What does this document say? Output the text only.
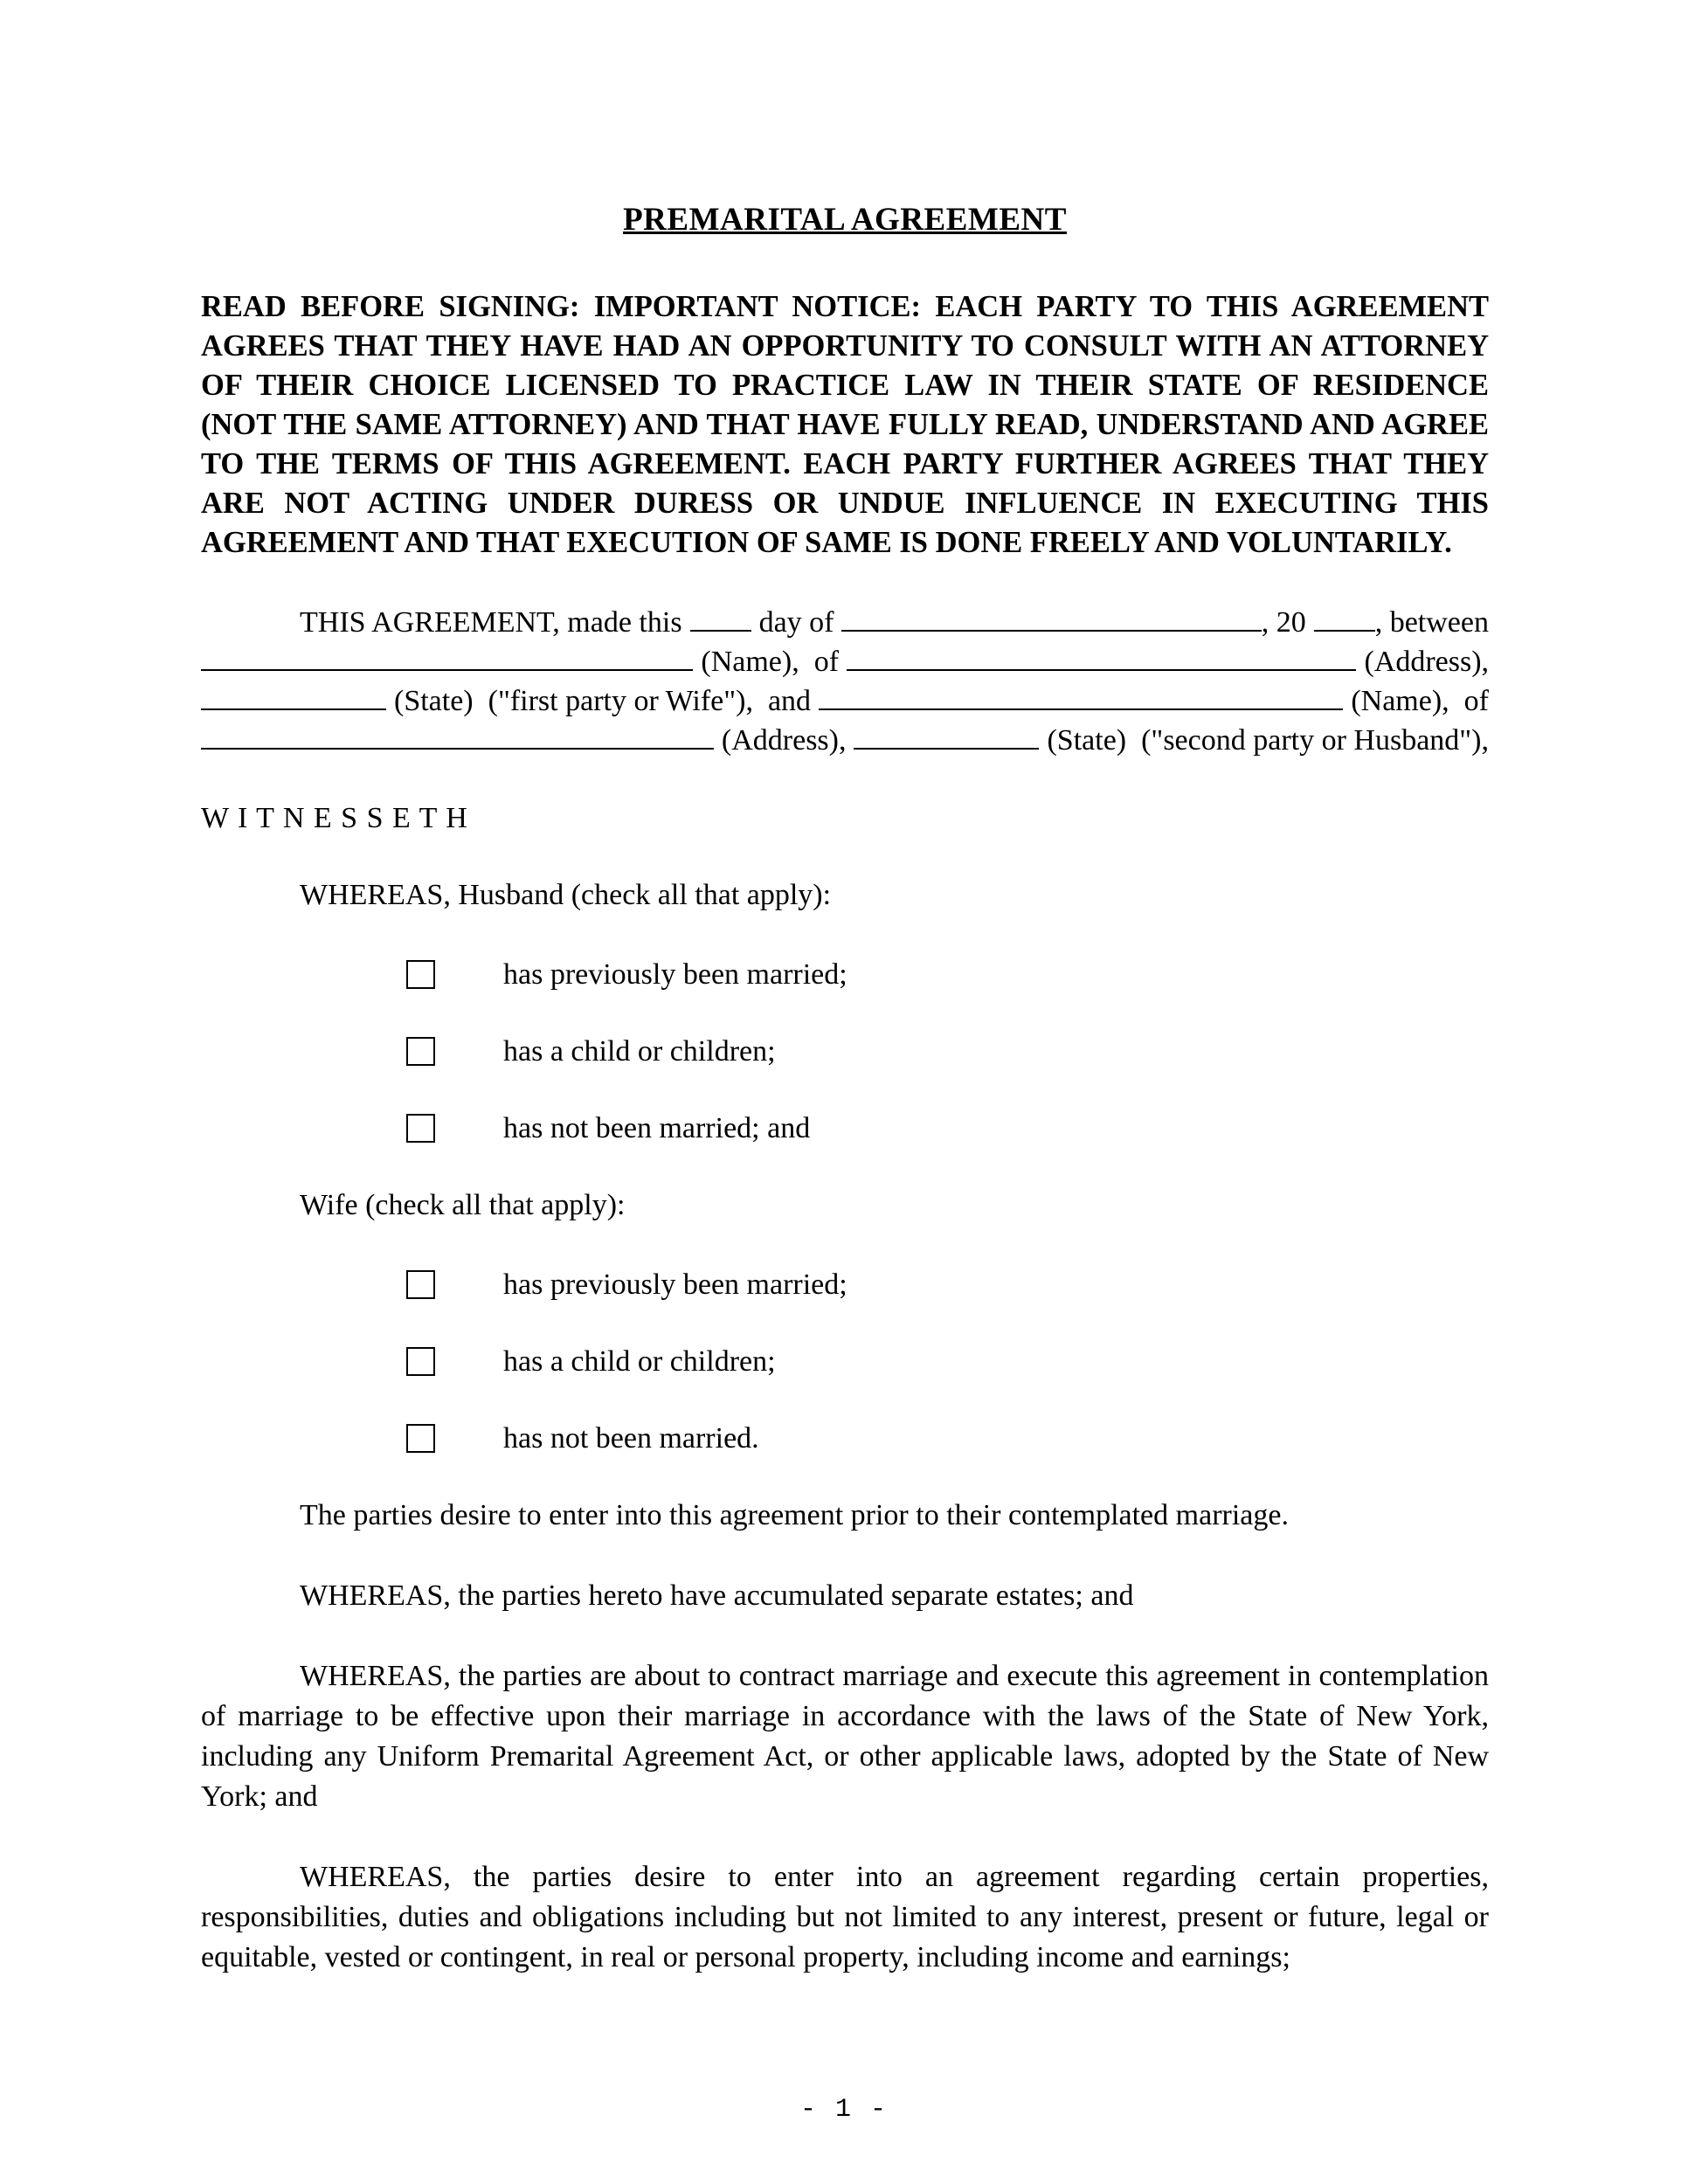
PREMARITAL AGREEMENT

READ BEFORE SIGNING: IMPORTANT NOTICE: EACH PARTY TO THIS AGREEMENT AGREES THAT THEY HAVE HAD AN OPPORTUNITY TO CONSULT WITH AN ATTORNEY OF THEIR CHOICE LICENSED TO PRACTICE LAW IN THEIR STATE OF RESIDENCE (NOT THE SAME ATTORNEY) AND THAT HAVE FULLY READ, UNDERSTAND AND AGREE TO THE TERMS OF THIS AGREEMENT. EACH PARTY FURTHER AGREES THAT THEY ARE NOT ACTING UNDER DURESS OR UNDUE INFLUENCE IN EXECUTING THIS AGREEMENT AND THAT EXECUTION OF SAME IS DONE FREELY AND VOLUNTARILY.

THIS AGREEMENT, made this	day of	, 20 , between
(Name),  of	(Address),
(State)  ("first party or Wife"),  and	(Name),  of
(Address),	(State)  ("second party or Husband"),
W I T N E S S E T H
WHEREAS, Husband (check all that apply):
has previously been married;
has a child or children;
has not been married; and
Wife (check all that apply):
has previously been married;
has a child or children;
has not been married.

The parties desire to enter into this agreement prior to their contemplated marriage.

WHEREAS, the parties hereto have accumulated separate estates; and

WHEREAS, the parties are about to contract marriage and execute this agreement in contemplation of marriage to be effective upon their marriage in accordance with the laws of the State of New York, including any Uniform Premarital Agreement Act, or other applicable laws, adopted by the State of New York; and

WHEREAS, the parties desire to enter into an agreement regarding certain properties, responsibilities, duties and obligations including but not limited to any interest, present or future, legal or equitable, vested or contingent, in real or personal property, including income and earnings;

- 1 -
